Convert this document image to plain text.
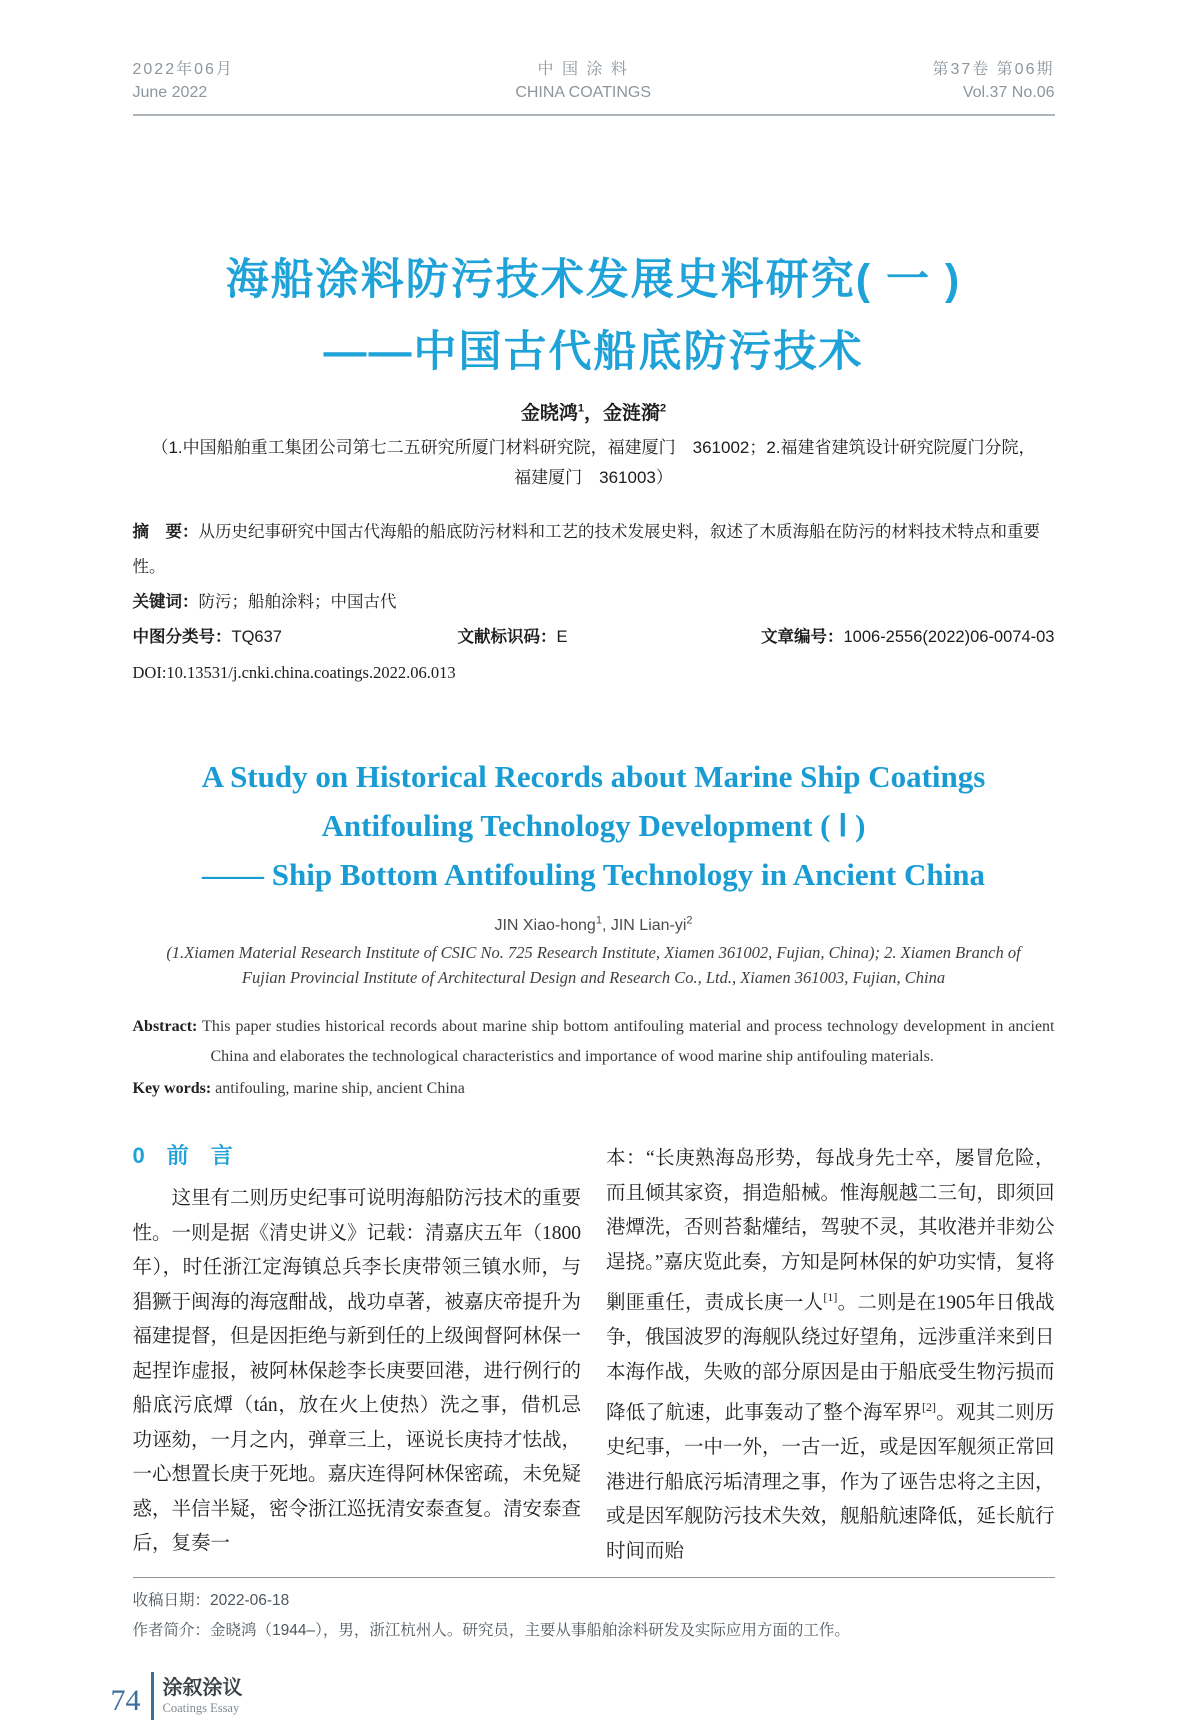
2022年06月
June 2022
中 国 涂 料
CHINA COATINGS
第37卷 第06期
Vol.37 No.06
海船涂料防污技术发展史料研究( 一 )
——中国古代船底防污技术
金晓鸿$^1$，金涟漪$^2$
（1.中国船舶重工集团公司第七二五研究所厦门材料研究院，福建厦门　361002；2.福建省建筑设计研究院厦门分院，
福建厦门　361003）
摘　要：从历史纪事研究中国古代海船的船底防污材料和工艺的技术发展史料，叙述了木质海船在防污的材料技术特点和重要性。
关键词：防污；船舶涂料；中国古代
中图分类号：TQ637	文献标识码：E	文章编号：1006-2556(2022)06-0074-03
DOI:10.13531/j.cnki.china.coatings.2022.06.013
A Study on Historical Records about Marine Ship Coatings
Antifouling Technology Development ( Ⅰ )
—— Ship Bottom Antifouling Technology in Ancient China
JIN Xiao-hong$^1$, JIN Lian-$yi^2$
(1.Xiamen Material Research Institute of CSIC No. 725 Research Institute, Xiamen 361002, Fujian, China); 2. Xiamen Branch of
Fujian Provincial Institute of Architectural Design and Research Co., Ltd., Xiamen 361003, Fujian, China
Abstract: This paper studies historical records about marine ship bottom antifouling material and process technology development in ancient China and elaborates the technological characteristics and importance of wood marine ship antifouling materials.
Key words: antifouling, marine ship, ancient China
0　前　言
这里有二则历史纪事可说明海船防污技术的重要性。一则是据《清史讲义》记载：清嘉庆五年（1800年），时任浙江定海镇总兵李长庚带领三镇水师，与猖獗于闽海的海寇酣战，战功卓著，被嘉庆帝提升为福建提督，但是因拒绝与新到任的上级闽督阿林保一起捏诈虚报，被阿林保趁李长庚要回港，进行例行的船底污底燂（tán，放在火上使热）洗之事，借机忌功诬劾，一月之内，弹章三上，诬说长庚持才怯战，一心想置长庚于死地。嘉庆连得阿林保密疏，未免疑惑，半信半疑，密令浙江巡抚清安泰查复。清安泰查后，复奏一
本：“长庚熟海岛形势，每战身先士卒，屡冒危险，而且倾其家资，捐造船械。惟海舰越二三旬，即须回港燂洗，否则苔黏爟结，驾驶不灵，其收港并非劾公逞挠。”嘉庆览此奏，方知是阿林保的妒功实情，复将剿匪重任，责成长庚一人[1]。二则是在1905年日俄战争，俄国波罗的海舰队绕过好望角，远涉重洋来到日本海作战，失败的部分原因是由于船底受生物污损而降低了航速，此事轰动了整个海军界[2]。观其二则历史纪事，一中一外，一古一近，或是因军舰须正常回港进行船底污垢清理之事，作为了诬告忠将之主因，或是因军舰防污技术失效，舰船航速降低，延长航行时间而贻
收稿日期：2022-06-18
作者简介：金晓鸿（1944–），男，浙江杭州人。研究员，主要从事船舶涂料研发及实际应用方面的工作。
74	涂叙涂议
Coatings Essay
